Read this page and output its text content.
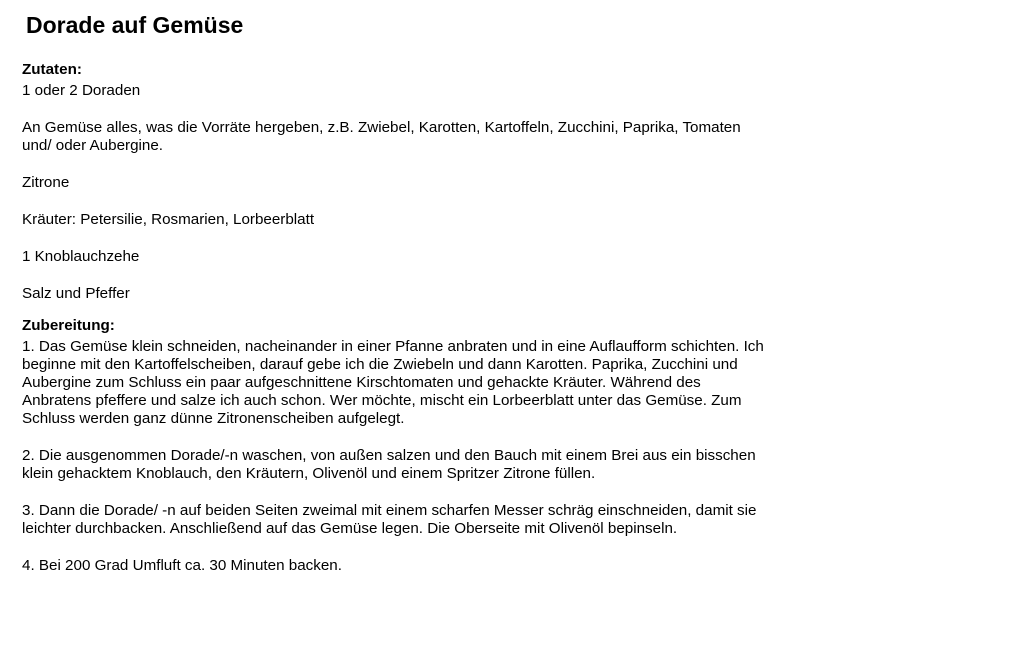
Dorade auf Gemüse
Zutaten:

1 oder 2 Doraden

An Gemüse alles, was die Vorräte hergeben, z.B. Zwiebel, Karotten, Kartoffeln, Zucchini, Paprika, Tomaten und/ oder Aubergine.

Zitrone

Kräuter: Petersilie, Rosmarien, Lorbeerblatt

1 Knoblauchzehe

Salz und Pfeffer

Zubereitung:

1. Das Gemüse klein schneiden, nacheinander in einer Pfanne anbraten und in eine Auflaufform schichten. Ich beginne mit den Kartoffelscheiben, darauf gebe ich die Zwiebeln und dann Karotten. Paprika, Zucchini und Aubergine zum Schluss ein paar aufgeschnittene Kirschtomaten und gehackte Kräuter. Während des Anbratens pfeffere und salze ich auch schon. Wer möchte, mischt ein Lorbeerblatt unter das Gemüse. Zum Schluss werden ganz dünne Zitronenscheiben aufgelegt.

2. Die ausgenommen Dorade/-n waschen, von außen salzen und den Bauch mit einem Brei aus ein bisschen klein gehacktem Knoblauch, den Kräutern, Olivenöl und einem Spritzer Zitrone füllen.

3. Dann die Dorade/ -n auf beiden Seiten zweimal mit einem scharfen Messer schräg einschneiden, damit sie leichter durchbacken. Anschließend auf das Gemüse legen. Die Oberseite mit Olivenöl bepinseln.

4. Bei 200 Grad Umfluft ca. 30 Minuten backen.
